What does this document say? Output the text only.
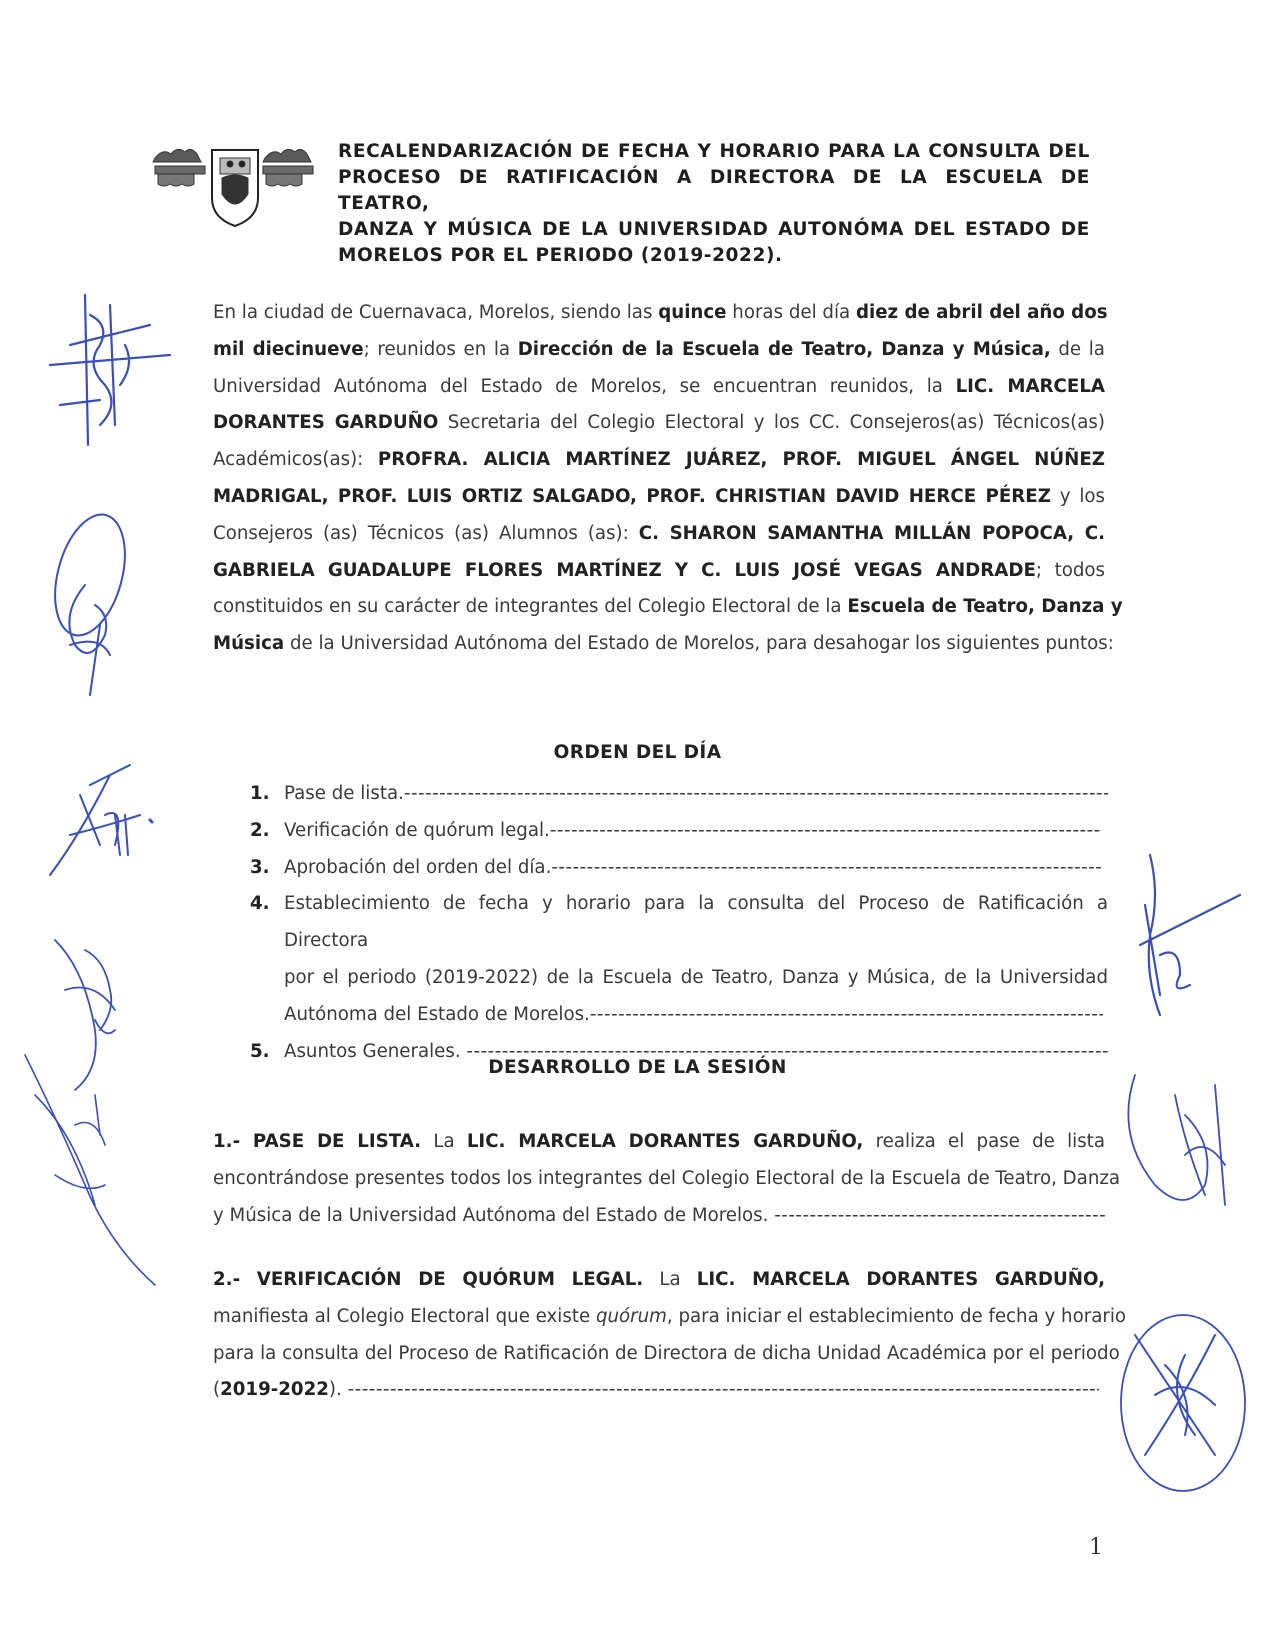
RECALENDARIZACIÓN DE FECHA Y HORARIO PARA LA CONSULTA DEL
PROCESO DE RATIFICACIÓN A DIRECTORA DE LA ESCUELA DE TEATRO,
DANZA Y MÚSICA DE LA UNIVERSIDAD AUTONÓMA DEL ESTADO DE
MORELOS POR EL PERIODO (2019-2022).
En la ciudad de Cuernavaca, Morelos, siendo las quince horas del día diez de abril del año dos
mil diecinueve; reunidos en la Dirección de la Escuela de Teatro, Danza y Música, de la
Universidad Autónoma del Estado de Morelos, se encuentran reunidos, la LIC. MARCELA
DORANTES GARDUÑO Secretaria del Colegio Electoral y los CC. Consejeros(as) Técnicos(as)
Académicos(as): PROFRA. ALICIA MARTÍNEZ JUÁREZ, PROF. MIGUEL ÁNGEL NÚÑEZ
MADRIGAL, PROF. LUIS ORTIZ SALGADO, PROF. CHRISTIAN DAVID HERCE PÉREZ y los
Consejeros (as) Técnicos (as) Alumnos (as): C. SHARON SAMANTHA MILLÁN POPOCA, C.
GABRIELA GUADALUPE FLORES MARTÍNEZ Y C. LUIS JOSÉ VEGAS ANDRADE; todos
constituidos en su carácter de integrantes del Colegio Electoral de la Escuela de Teatro, Danza y
Música de la Universidad Autónoma del Estado de Morelos, para desahogar los siguientes puntos:
ORDEN DEL DÍA
1. Pase de lista.
-----
2. Verificación de quórum legal.
-----
3. Aprobación del orden del día.
-----
4. Establecimiento de fecha y horario para la consulta del Proceso de Ratificación a Directora
por el periodo (2019-2022) de la Escuela de Teatro, Danza y Música, de la Universidad
Autónoma del Estado de Morelos.
-----
5. Asuntos Generales.
-----
DESARROLLO DE LA SESIÓN
1.- PASE DE LISTA. La LIC. MARCELA DORANTES GARDUÑO, realiza el pase de lista
encontrándose presentes todos los integrantes del Colegio Electoral de la Escuela de Teatro, Danza
y Música de la Universidad Autónoma del Estado de Morelos.
-----
2.- VERIFICACIÓN DE QUÓRUM LEGAL. La LIC. MARCELA DORANTES GARDUÑO,
manifiesta al Colegio Electoral que existe quórum, para iniciar el establecimiento de fecha y horario
para la consulta del Proceso de Ratificación de Directora de dicha Unidad Académica por el periodo
(2019-2022).
-----
1
